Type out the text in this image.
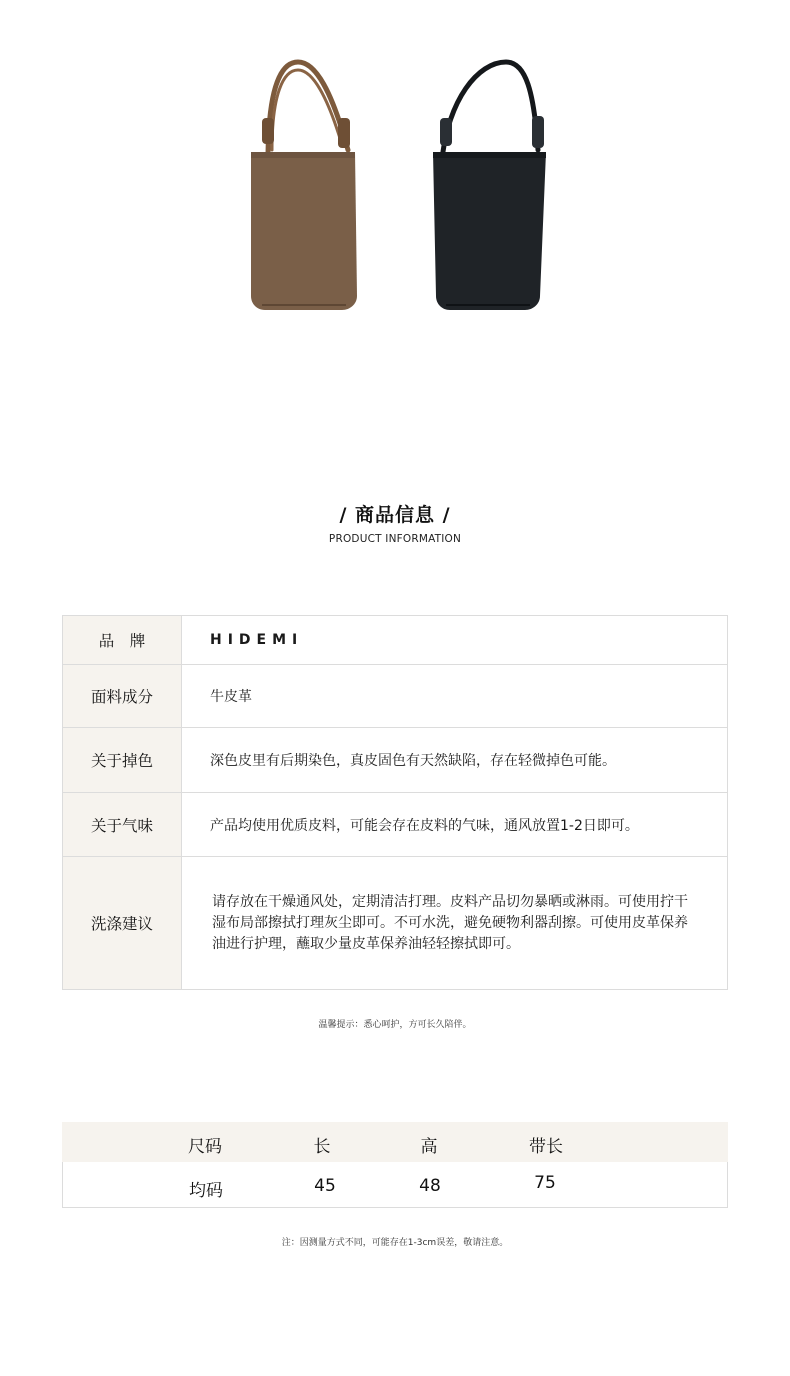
/ 商品信息 /
PRODUCT INFORMATION
品　牌	HIDEMI
面料成分	牛皮革
关于掉色	深色皮里有后期染色，真皮固色有天然缺陷，存在轻微掉色可能。
关于气味	产品均使用优质皮料，可能会存在皮料的气味，通风放置1-2日即可。
洗涤建议	请存放在干燥通风处，定期清洁打理。皮料产品切勿暴晒或淋雨。可使用拧干湿布局部擦拭打理灰尘即可。不可水洗，避免硬物利器刮擦。可使用皮革保养油进行护理，蘸取少量皮革保养油轻轻擦拭即可。
温馨提示：悉心呵护，方可长久陪伴。
尺码	长	高	带长
均码	45	48	75
注：因测量方式不同，可能存在1-3cm误差，敬请注意。
